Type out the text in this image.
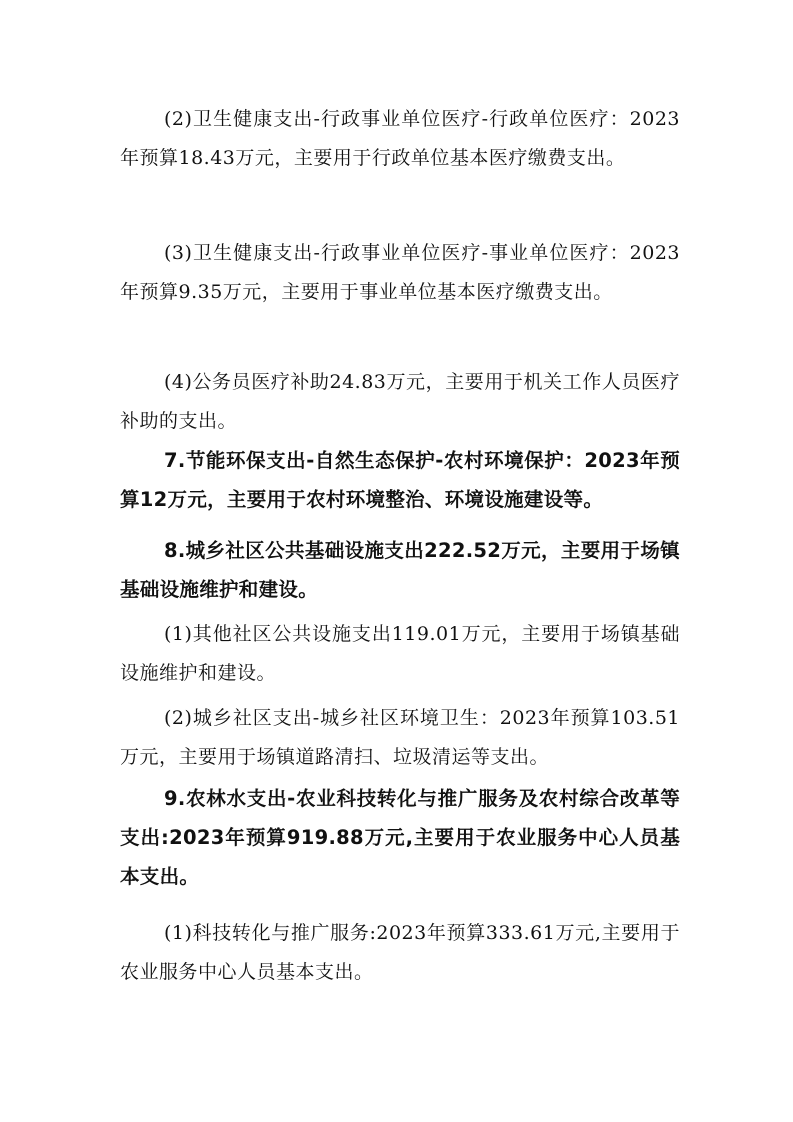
(2)卫生健康支出-行政事业单位医疗-行政单位医疗：2023年预算18.43万元，主要用于行政单位基本医疗缴费支出。

(3)卫生健康支出-行政事业单位医疗-事业单位医疗：2023年预算9.35万元，主要用于事业单位基本医疗缴费支出。

(4)公务员医疗补助24.83万元，主要用于机关工作人员医疗补助的支出。

7.节能环保支出-自然生态保护-农村环境保护：2023年预算12万元，主要用于农村环境整治、环境设施建设等。

8.城乡社区公共基础设施支出222.52万元，主要用于场镇基础设施维护和建设。

(1)其他社区公共设施支出119.01万元，主要用于场镇基础设施维护和建设。

(2)城乡社区支出-城乡社区环境卫生：2023年预算103.51万元，主要用于场镇道路清扫、垃圾清运等支出。

9.农林水支出-农业科技转化与推广服务及农村综合改革等支出:2023年预算919.88万元,主要用于农业服务中心人员基本支出。

(1)科技转化与推广服务:2023年预算333.61万元,主要用于农业服务中心人员基本支出。
